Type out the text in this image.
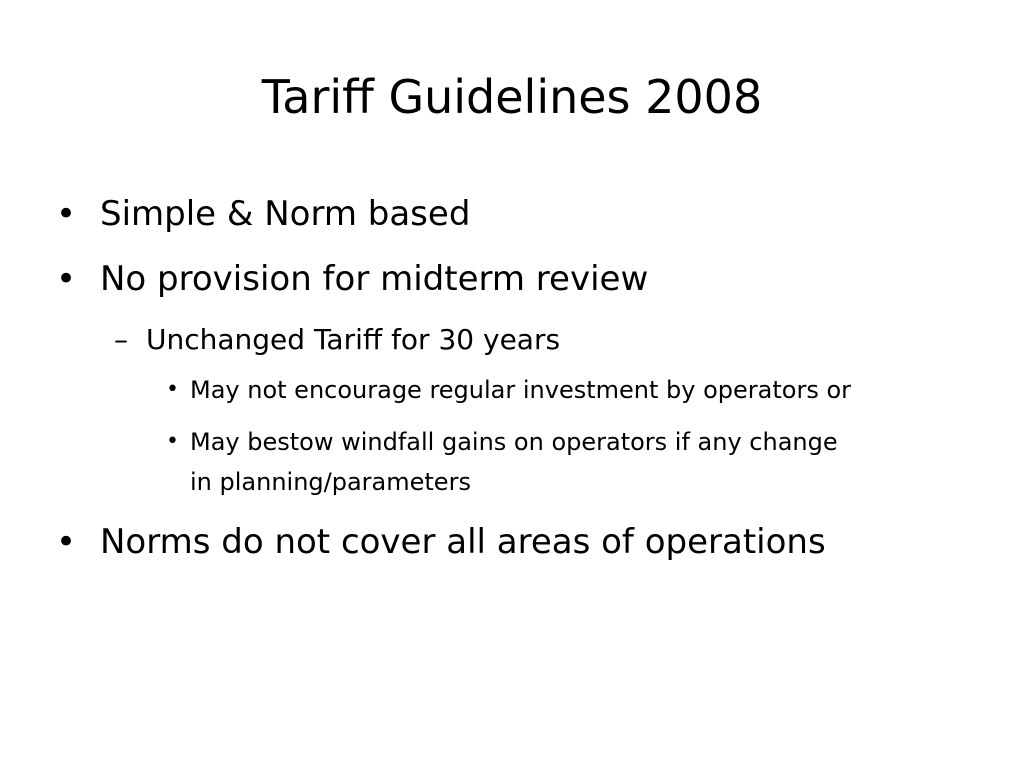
Tariff Guidelines 2008
• Simple & Norm based
• No provision for midterm review
– Unchanged Tariff for 30 years
• May not encourage regular investment by operators or
• May bestow windfall gains on operators if any change
in planning/parameters
• Norms do not cover all areas of operations
